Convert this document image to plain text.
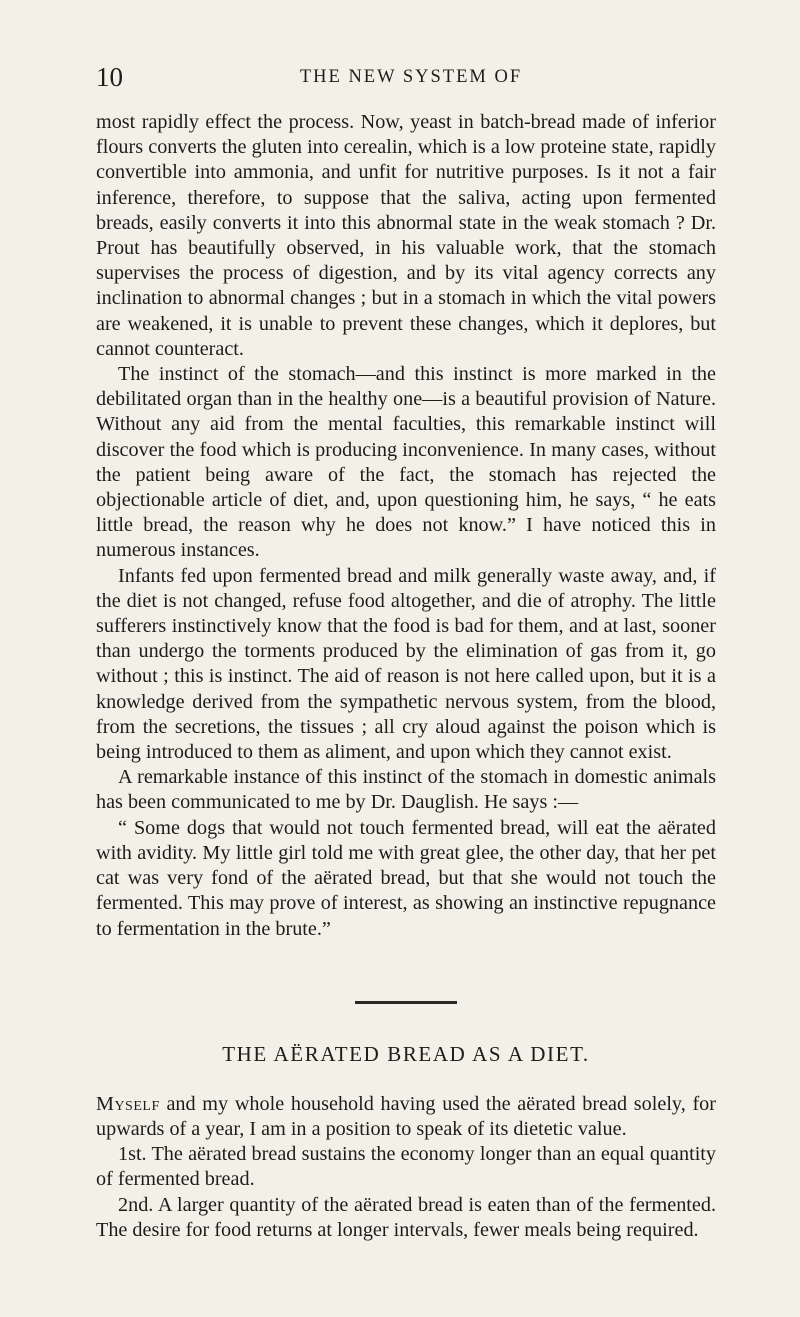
10	THE NEW SYSTEM OF

most rapidly effect the process. Now, yeast in batch-bread made of inferior flours converts the gluten into cerealin, which is a low proteine state, rapidly convertible into ammonia, and unfit for nutritive purposes. Is it not a fair inference, therefore, to suppose that the saliva, acting upon fermented breads, easily converts it into this abnormal state in the weak stomach ? Dr. Prout has beautifully observed, in his valuable work, that the stomach supervises the process of digestion, and by its vital agency corrects any inclination to abnormal changes ; but in a stomach in which the vital powers are weakened, it is unable to prevent these changes, which it deplores, but cannot counteract.

The instinct of the stomach—and this instinct is more marked in the debilitated organ than in the healthy one—is a beautiful provision of Nature. Without any aid from the mental faculties, this remarkable instinct will discover the food which is producing inconvenience. In many cases, without the patient being aware of the fact, the stomach has rejected the objectionable article of diet, and, upon questioning him, he says, “ he eats little bread, the reason why he does not know.” I have noticed this in numerous instances.

Infants fed upon fermented bread and milk generally waste away, and, if the diet is not changed, refuse food altogether, and die of atrophy. The little sufferers instinctively know that the food is bad for them, and at last, sooner than undergo the torments produced by the elimination of gas from it, go without ; this is instinct. The aid of reason is not here called upon, but it is a knowledge derived from the sympathetic nervous system, from the blood, from the secretions, the tissues ; all cry aloud against the poison which is being introduced to them as aliment, and upon which they cannot exist.

A remarkable instance of this instinct of the stomach in domestic animals has been communicated to me by Dr. Dauglish. He says :—

“ Some dogs that would not touch fermented bread, will eat the aërated with avidity. My little girl told me with great glee, the other day, that her pet cat was very fond of the aërated bread, but that she would not touch the fermented. This may prove of interest, as showing an instinctive repugnance to fermentation in the brute.”

THE AËRATED BREAD AS A DIET.

Myself and my whole household having used the aërated bread solely, for upwards of a year, I am in a position to speak of its dietetic value.

1st. The aërated bread sustains the economy longer than an equal quantity of fermented bread.

2nd. A larger quantity of the aërated bread is eaten than of the fermented. The desire for food returns at longer intervals, fewer meals being required.
